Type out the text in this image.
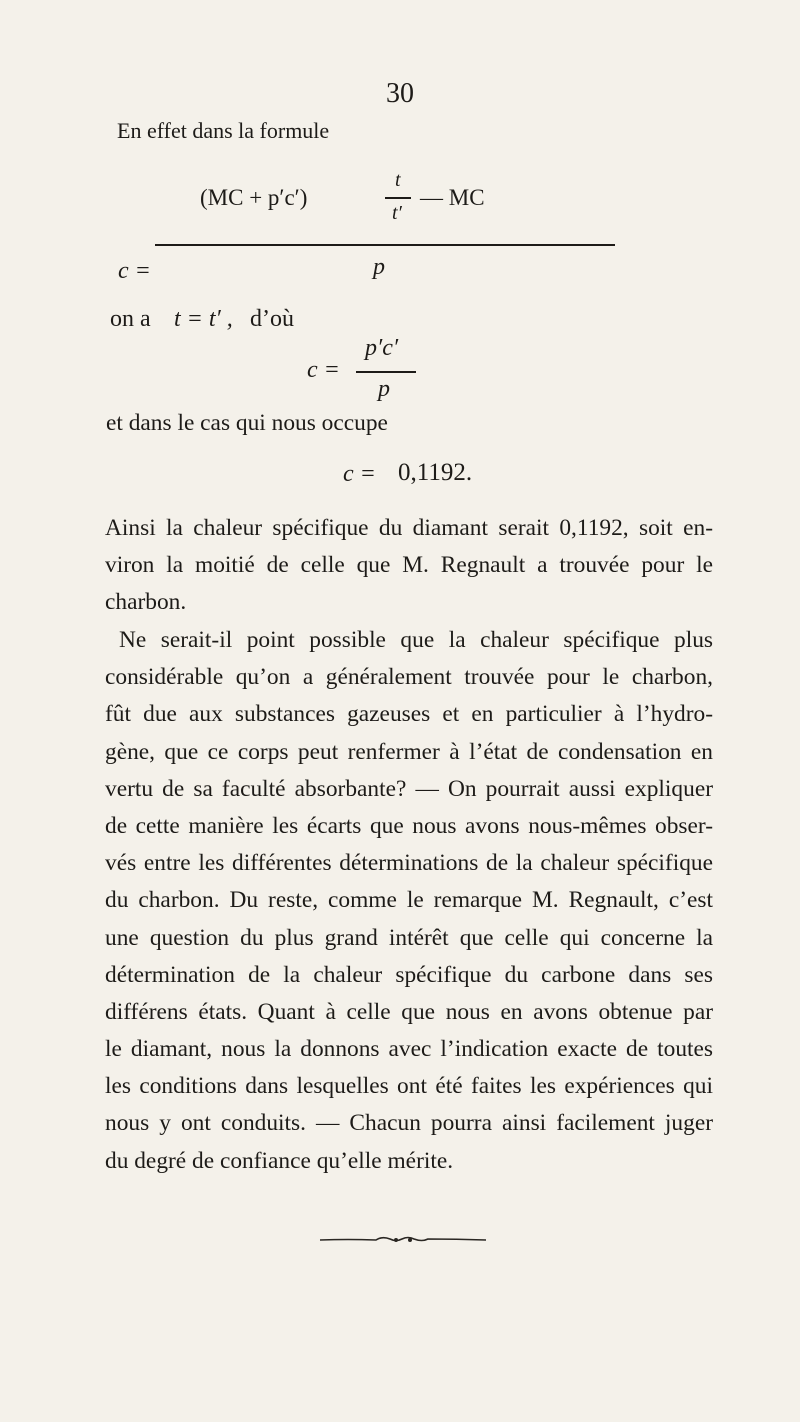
30
En effet dans la formule
c =
(MC + p′c′)
t
t′
— MC
p
on a t = t′ , d’où
c =
p′c′
p
et dans le cas qui nous occupe
c = 0,1192.
Ainsi la chaleur spécifique du diamant serait 0,1192, soit en-
viron la moitié de celle que M. Regnault a trouvée pour le
charbon.
Ne serait-il point possible que la chaleur spécifique plus
considérable qu’on a généralement trouvée pour le charbon,
fût due aux substances gazeuses et en particulier à l’hydro-
gène, que ce corps peut renfermer à l’état de condensation en
vertu de sa faculté absorbante? — On pourrait aussi expliquer
de cette manière les écarts que nous avons nous-mêmes obser-
vés entre les différentes déterminations de la chaleur spécifique
du charbon. Du reste, comme le remarque M. Regnault, c’est
une question du plus grand intérêt que celle qui concerne la
détermination de la chaleur spécifique du carbone dans ses
différens états. Quant à celle que nous en avons obtenue par
le diamant, nous la donnons avec l’indication exacte de toutes
les conditions dans lesquelles ont été faites les expériences qui
nous y ont conduits. — Chacun pourra ainsi facilement juger
du degré de confiance qu’elle mérite.
